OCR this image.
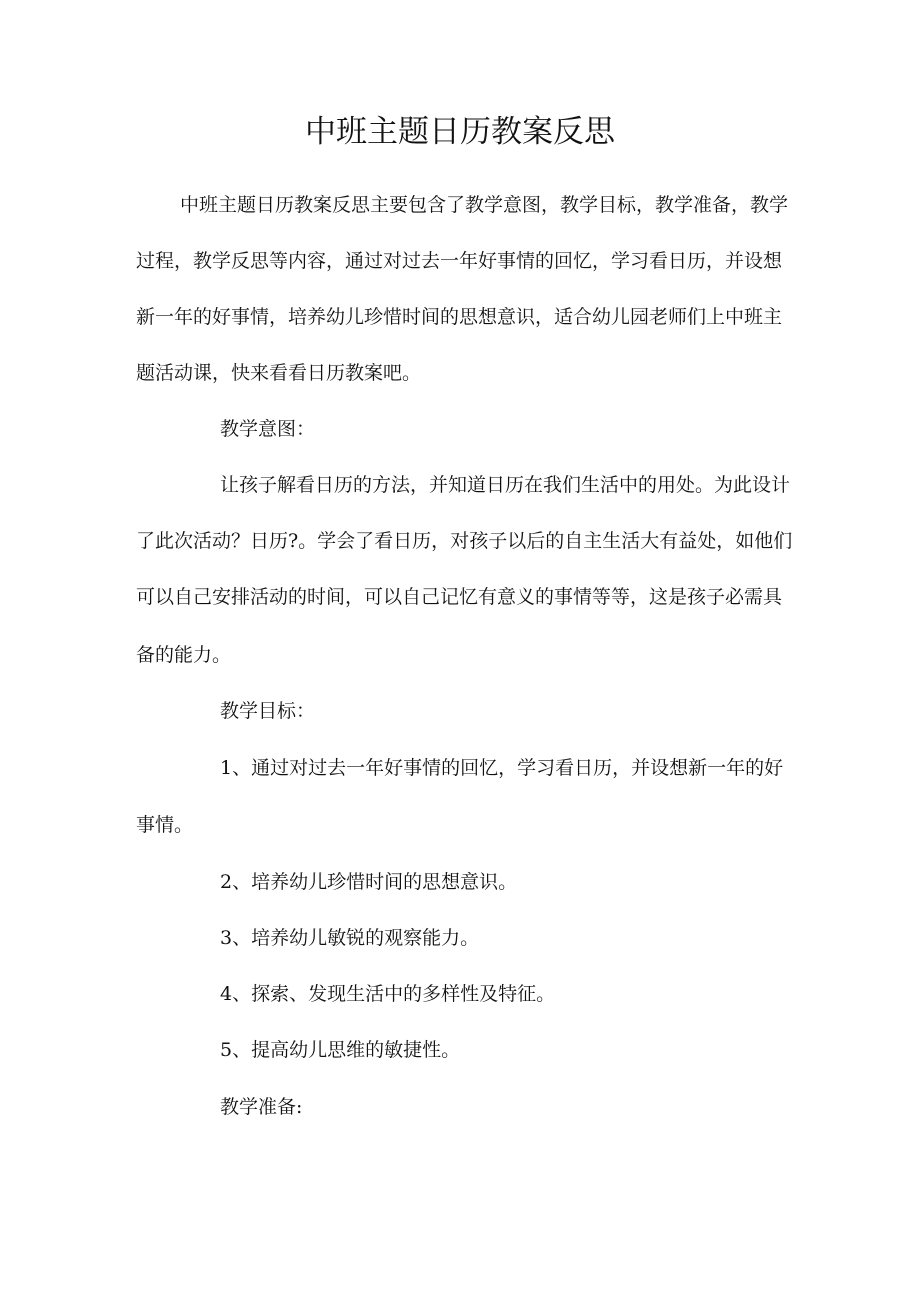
中班主题日历教案反思

中班主题日历教案反思主要包含了教学意图，教学目标，教学准备，教学

过程，教学反思等内容，通过对过去一年好事情的回忆，学习看日历，并设想

新一年的好事情，培养幼儿珍惜时间的思想意识，适合幼儿园老师们上中班主

题活动课，快来看看日历教案吧。

教学意图：

让孩子解看日历的方法，并知道日历在我们生活中的用处。为此设计

了此次活动？日历?。学会了看日历，对孩子以后的自主生活大有益处，如他们

可以自己安排活动的时间，可以自己记忆有意义的事情等等，这是孩子必需具

备的能力。

教学目标：

1、通过对过去一年好事情的回忆，学习看日历，并设想新一年的好

事情。

2、培养幼儿珍惜时间的思想意识。

3、培养幼儿敏锐的观察能力。

4、探索、发现生活中的多样性及特征。

5、提高幼儿思维的敏捷性。

教学准备:
